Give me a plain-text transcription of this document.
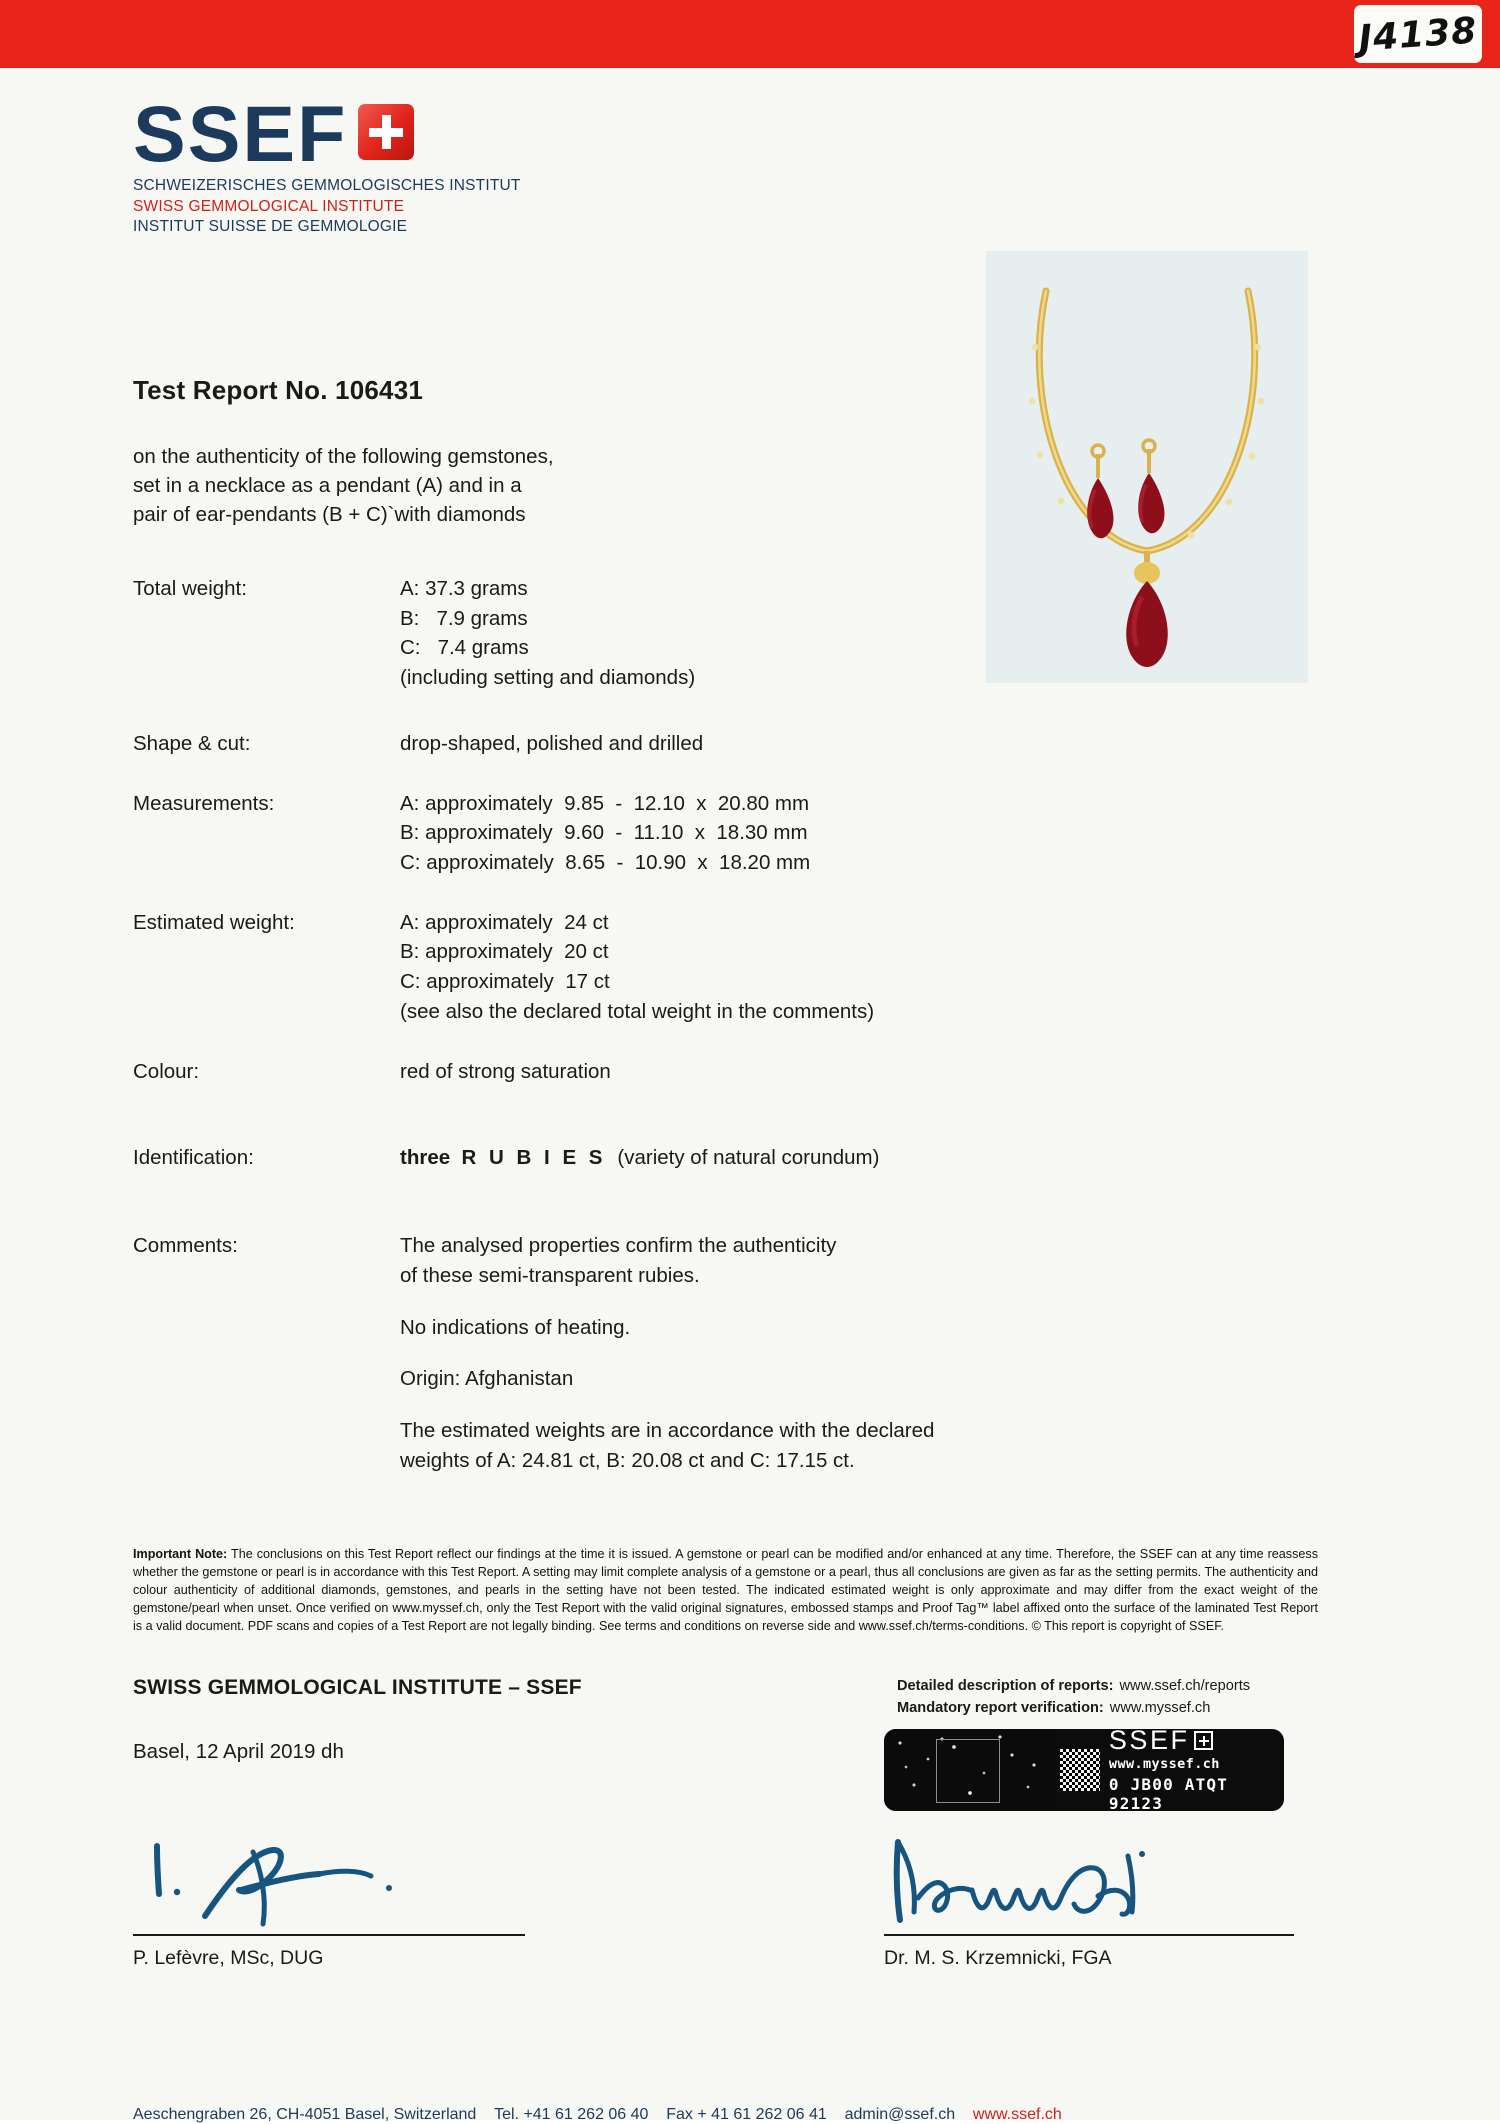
J4138
SSEF
SCHWEIZERISCHES GEMMOLOGISCHES INSTITUT
SWISS GEMMOLOGICAL INSTITUTE
INSTITUT SUISSE DE GEMMOLOGIE
Test Report No. 106431
on the authenticity of the following gemstones,
set in a necklace as a pendant (A) and in a
pair of ear-pendants (B + C)`with diamonds
Total weight:	A: 37.3 grams
B:   7.9 grams
C:   7.4 grams
(including setting and diamonds)
Shape & cut:	drop-shaped, polished and drilled
Measurements:	A: approximately  9.85  -  12.10  x  20.80 mm
B: approximately  9.60  -  11.10  x  18.30 mm
C: approximately  8.65  -  10.90  x  18.20 mm
Estimated weight:	A: approximately  24 ct
B: approximately  20 ct
C: approximately  17 ct
(see also the declared total weight in the comments)
Colour:	red of strong saturation
Identification:	three R U B I E S (variety of natural corundum)
Comments:	The analysed properties confirm the authenticity
of these semi-transparent rubies.
No indications of heating.
Origin: Afghanistan
The estimated weights are in accordance with the declared
weights of A: 24.81 ct, B: 20.08 ct and C: 17.15 ct.
Important Note: The conclusions on this Test Report reflect our findings at the time it is issued. A gemstone or pearl can be modified and/or enhanced at any time. Therefore, the SSEF can at any time reassess whether the gemstone or pearl is in accordance with this Test Report. A setting may limit complete analysis of a gemstone or a pearl, thus all conclusions are given as far as the setting permits. The authenticity and colour authenticity of additional diamonds, gemstones, and pearls in the setting have not been tested. The indicated estimated weight is only approximate and may differ from the exact weight of the gemstone/pearl when unset. Once verified on www.myssef.ch, only the Test Report with the valid original signatures, embossed stamps and Proof Tag™ label affixed onto the surface of the laminated Test Report is a valid document. PDF scans and copies of a Test Report are not legally binding. See terms and conditions on reverse side and www.ssef.ch/terms-conditions. © This report is copyright of SSEF.
SWISS GEMMOLOGICAL INSTITUTE – SSEF
Basel, 12 April 2019 dh
Detailed description of reports: www.ssef.ch/reports
Mandatory report verification: www.myssef.ch
SSEF
www.myssef.ch
0 JB00 ATQT 92123
P. Lefèvre, MSc, DUG	Dr. M. S. Krzemnicki, FGA
Aeschengraben 26, CH-4051 Basel, Switzerland
Tel. +41 61 262 06 40
Fax + 41 61 262 06 41
admin@ssef.ch
www.ssef.ch
